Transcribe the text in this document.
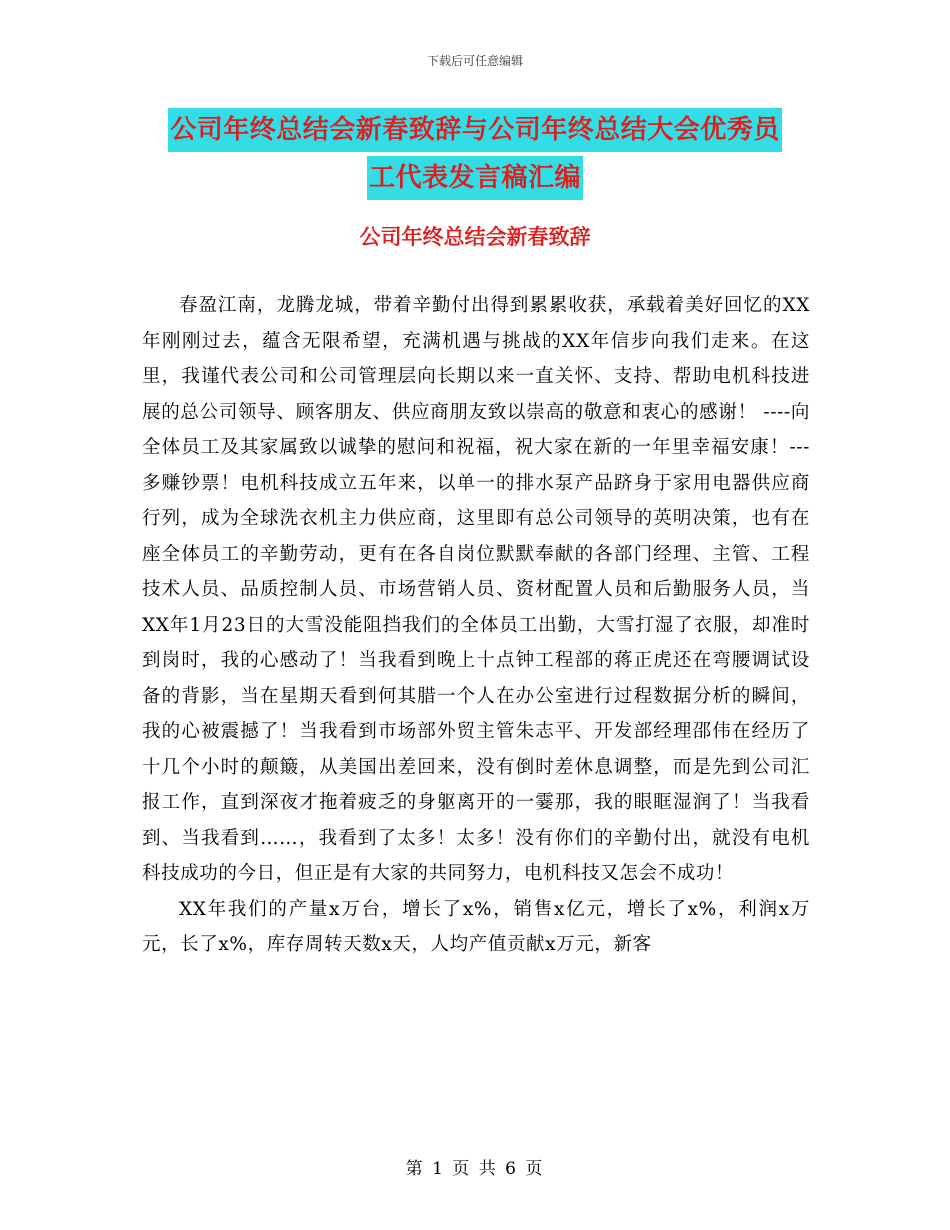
下载后可任意编辑
公司年终总结会新春致辞与公司年终总结大会优秀员
工代表发言稿汇编
公司年终总结会新春致辞

春盈江南，龙腾龙城，带着辛勤付出得到累累收获，承载着美好回忆的XX年刚刚过去，蕴含无限希望，充满机遇与挑战的XX年信步向我们走来。在这里，我谨代表公司和公司管理层向长期以来一直关怀、支持、帮助电机科技进展的总公司领导、顾客朋友、供应商朋友致以崇高的敬意和衷心的感谢！ ----向全体员工及其家属致以诚挚的慰问和祝福，祝大家在新的一年里幸福安康！---多赚钞票！电机科技成立五年来，以单一的排水泵产品跻身于家用电器供应商行列，成为全球洗衣机主力供应商，这里即有总公司领导的英明决策，也有在座全体员工的辛勤劳动，更有在各自岗位默默奉献的各部门经理、主管、工程技术人员、品质控制人员、市场营销人员、资材配置人员和后勤服务人员，当XX年1月23日的大雪没能阻挡我们的全体员工出勤，大雪打湿了衣服，却准时到岗时，我的心感动了！当我看到晚上十点钟工程部的蒋正虎还在弯腰调试设备的背影，当在星期天看到何其腊一个人在办公室进行过程数据分析的瞬间，我的心被震撼了！当我看到市场部外贸主管朱志平、开发部经理邵伟在经历了十几个小时的颠簸，从美国出差回来，没有倒时差休息调整，而是先到公司汇报工作，直到深夜才拖着疲乏的身躯离开的一霎那，我的眼眶湿润了！当我看到、当我看到……，我看到了太多！太多！没有你们的辛勤付出，就没有电机科技成功的今日，但正是有大家的共同努力，电机科技又怎会不成功！

XX年我们的产量x万台，增长了x%，销售x亿元，增长了x%，利润x万元，长了x%，库存周转天数x天，人均产值贡献x万元，新客

第 1 页 共 6 页
